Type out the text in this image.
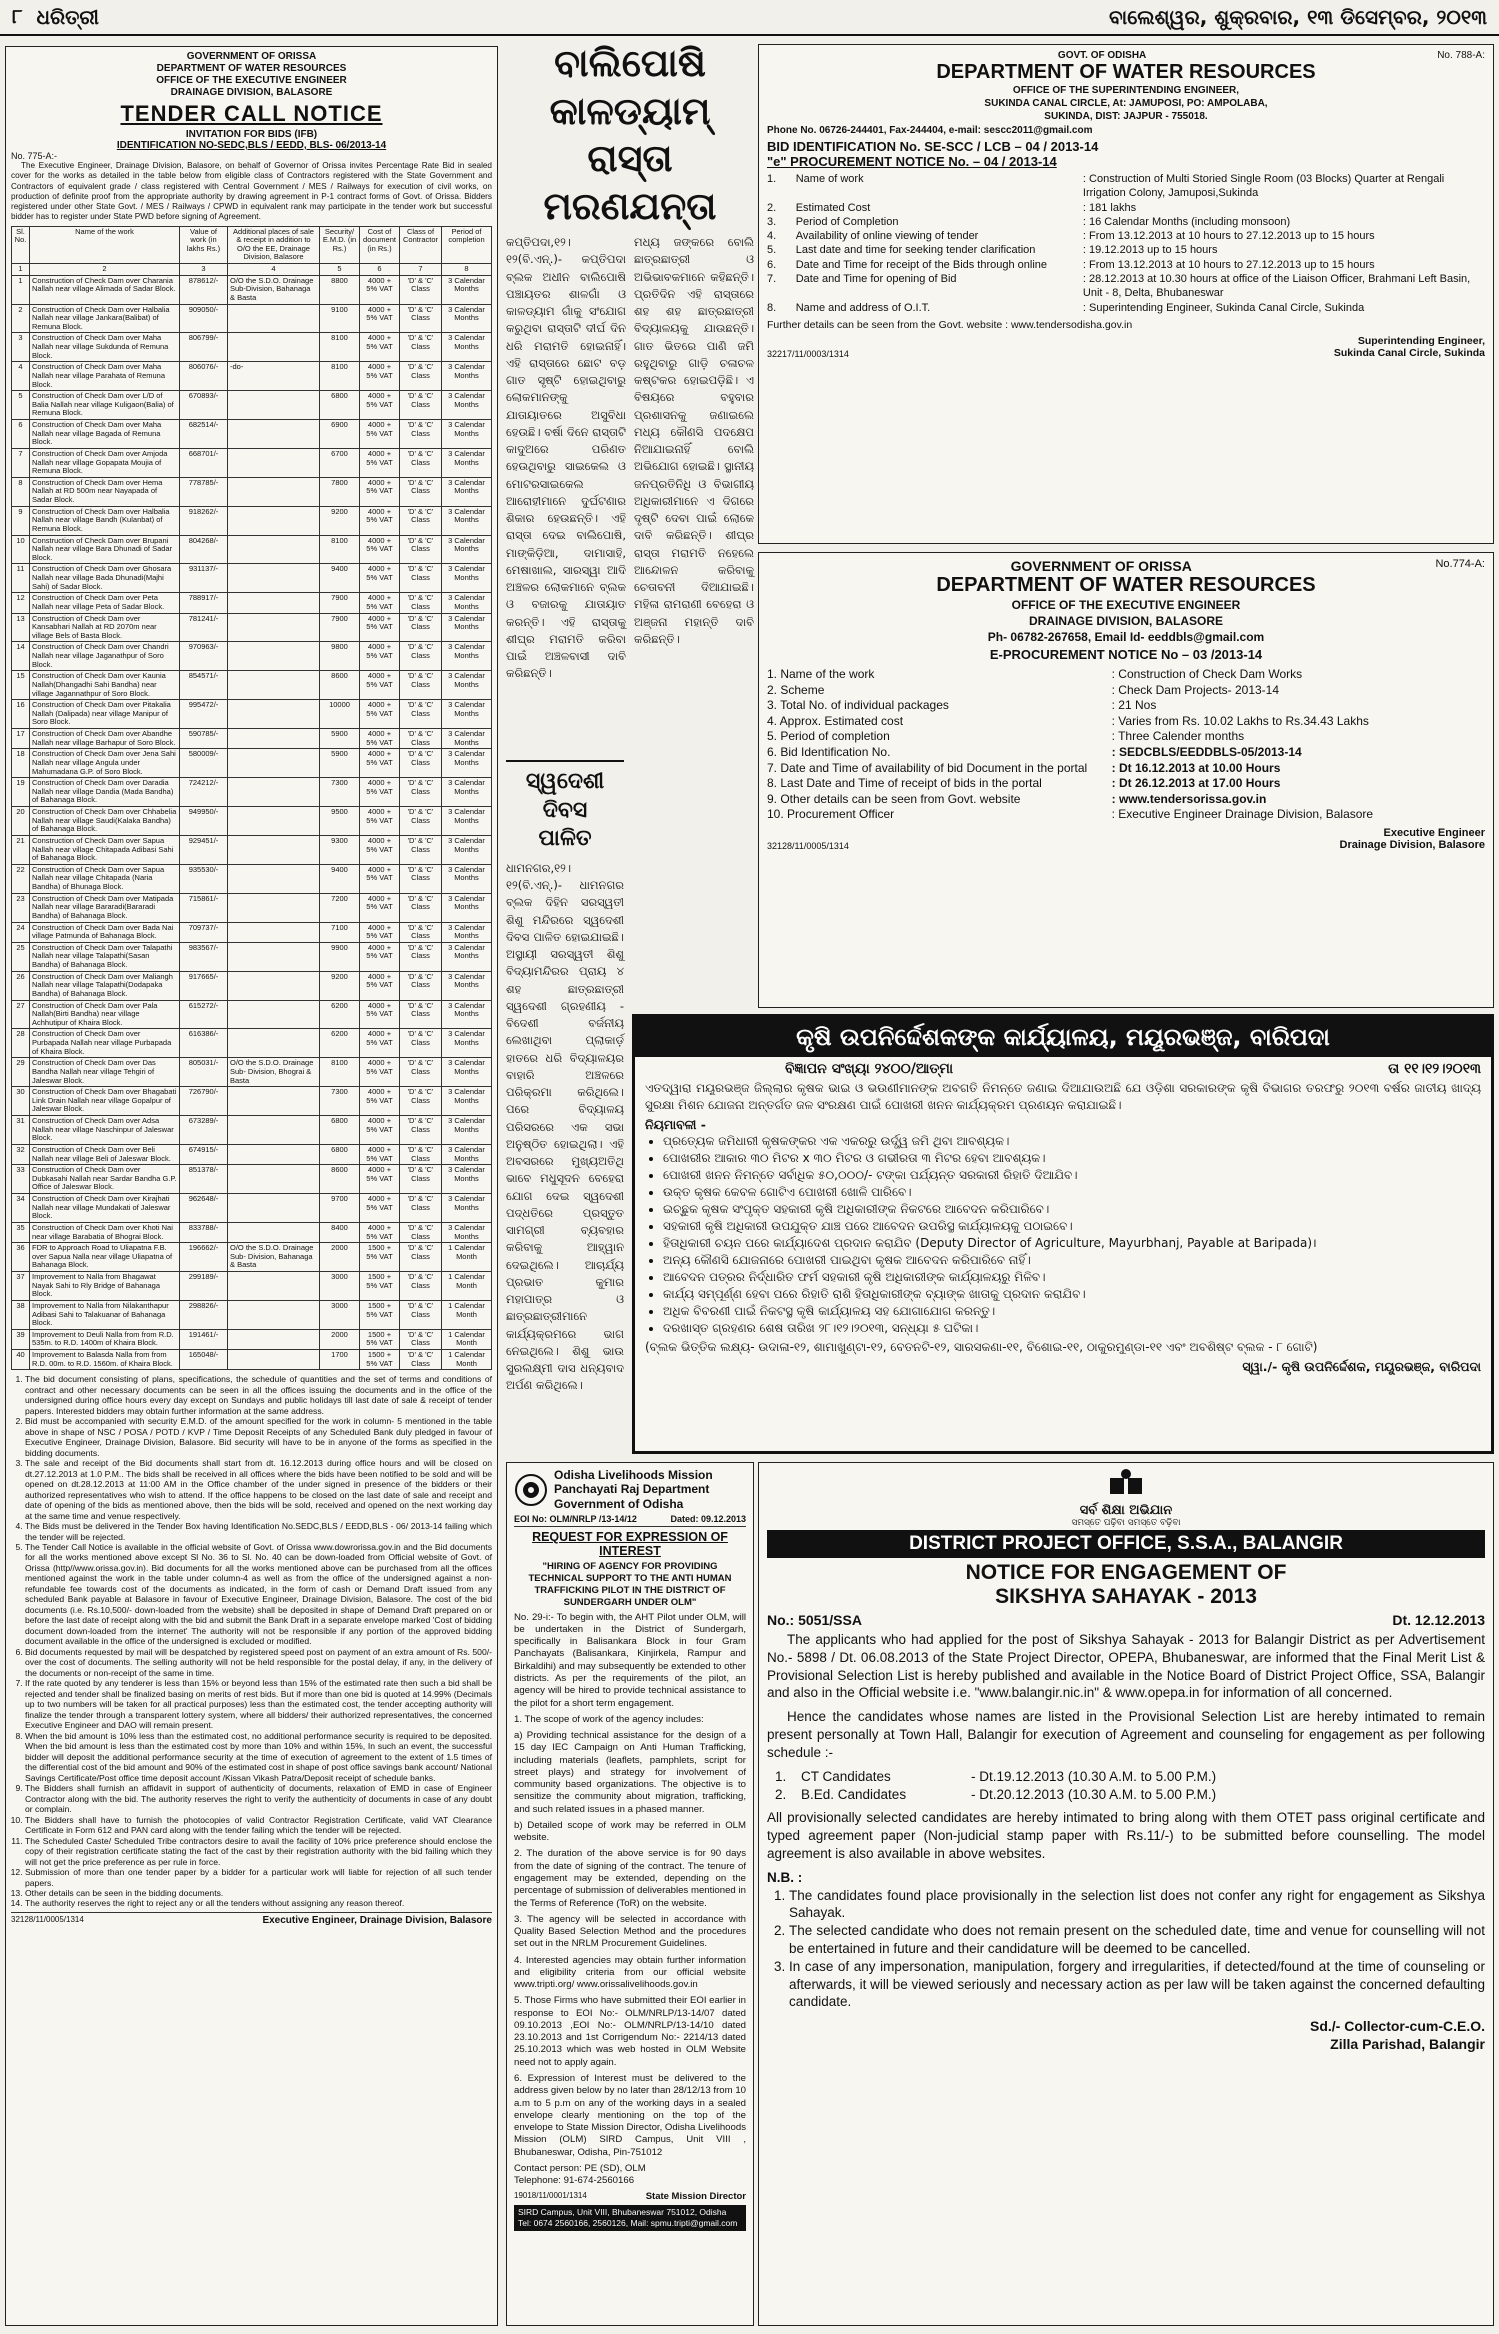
୮ ଧରିତ୍ରୀ	ବାଲେଶ୍ୱର, ଶୁକ୍ରବାର, ୧୩ ଡିସେମ୍ବର, ୨୦୧୩
GOVERNMENT OF ORISSA
DEPARTMENT OF WATER RESOURCES
OFFICE OF THE EXECUTIVE ENGINEER
DRAINAGE DIVISION, BALASORE
TENDER CALL NOTICE
INVITATION FOR BIDS (IFB)
IDENTIFICATION NO-SEDC,BLS / EEDD, BLS- 06/2013-14
No. 775-A:-
The Executive Engineer, Drainage Division, Balasore, on behalf of Governor of Orissa invites Percentage Rate Bid in sealed cover for the works as detailed in the table below from eligible class of Contractors registered with the State Government and Contractors of equivalent grade / class registered with Central Government / MES / Railways for execution of civil works, on production of definite proof from the appropriate authority by drawing agreement in P-1 contract forms of Govt. of Orissa. Bidders registered under other State Govt. / MES / Railways / CPWD in equivalent rank may participate in the tender work but successful bidder has to register under State PWD before signing of Agreement.
Sl. No.	Name of the work	Value of work (in lakhs Rs.)	Additional places of sale & receipt in addition to O/O the EE, Drainage Division, Balasore	Security/ E.M.D. (in Rs.)	Cost of document (in Rs.)	Class of Contractor	Period of completion
1	2	3	4	5	6	7	8
1	Construction of Check Dam over Charania Nallah near village Alimada of Sadar Block.	878612/-	O/O the S.D.O. Drainage Sub-Division, Bahanaga & Basta	8800	4000 + 5% VAT	'D' & 'C' Class	3 Calendar Months
2	Construction of Check Dam over Halbalia Nallah near village Jankara(Balibat) of Remuna Block.	909050/-		9100	4000 + 5% VAT	'D' & 'C' Class	3 Calendar Months
3	Construction of Check Dam over Maha Nallah near village Sukdunda of Remuna Block.	806799/-		8100	4000 + 5% VAT	'D' & 'C' Class	3 Calendar Months
4	Construction of Check Dam over Maha Nallah near village Parahata of Remuna Block.	806076/-	-do-	8100	4000 + 5% VAT	'D' & 'C' Class	3 Calendar Months
5	Construction of Check Dam over L/D of Balia Nallah near village Kuligaon(Balia) of Remuna Block.	670893/-		6800	4000 + 5% VAT	'D' & 'C' Class	3 Calendar Months
6	Construction of Check Dam over Maha Nallah near village Bagada of Remuna Block.	682514/-		6900	4000 + 5% VAT	'D' & 'C' Class	3 Calendar Months
7	Construction of Check Dam over Amjoda Nallah near village Gopapata Moujia of Remuna Block.	668701/-		6700	4000 + 5% VAT	'D' & 'C' Class	3 Calendar Months
8	Construction of Check Dam over Hema Nallah at RD 500m near Nayapada of Sadar Block.	778785/-		7800	4000 + 5% VAT	'D' & 'C' Class	3 Calendar Months
9	Construction of Check Dam over Halbalia Nallah near village Bandh (Kulanbat) of Remuna Block.	918262/-		9200	4000 + 5% VAT	'D' & 'C' Class	3 Calendar Months
10	Construction of Check Dam over Brupani Nallah near village Bara Dhunadi of Sadar Block.	804268/-		8100	4000 + 5% VAT	'D' & 'C' Class	3 Calendar Months
11	Construction of Check Dam over Ghosara Nallah near village Bada Dhunadi(Majhi Sahi) of Sadar Block.	931137/-		9400	4000 + 5% VAT	'D' & 'C' Class	3 Calendar Months
12	Construction of Check Dam over Peta Nallah near village Peta of Sadar Block.	788917/-		7900	4000 + 5% VAT	'D' & 'C' Class	3 Calendar Months
13	Construction of Check Dam over Kansabhari Nallah at RD 2070m near village Bels of Basta Block.	781241/-		7900	4000 + 5% VAT	'D' & 'C' Class	3 Calendar Months
14	Construction of Check Dam over Chandri Nallah near village Jaganathpur of Soro Block.	970963/-		9800	4000 + 5% VAT	'D' & 'C' Class	3 Calendar Months
15	Construction of Check Dam over Kaunia Nallah(Dhangadhi Sahi Bandha) near village Jagannathpur of Soro Block.	854571/-		8600	4000 + 5% VAT	'D' & 'C' Class	3 Calendar Months
16	Construction of Check Dam over Pitakalia Nallah (Dalipada) near village Manipur of Soro Block.	995472/-		10000	4000 + 5% VAT	'D' & 'C' Class	3 Calendar Months
17	Construction of Check Dam over Abandhe Nallah near village Barhapur of Soro Block.	590785/-		5900	4000 + 5% VAT	'D' & 'C' Class	3 Calendar Months
18	Construction of Check Dam over Jena Sahi Nallah near village Angula under Mahumadana G.P. of Soro Block.	580009/-		5900	4000 + 5% VAT	'D' & 'C' Class	3 Calendar Months
19	Construction of Check Dam over Daradia Nallah near village Dandia (Mada Bandha) of Bahanaga Block.	724212/-		7300	4000 + 5% VAT	'D' & 'C' Class	3 Calendar Months
20	Construction of Check Dam over Chhabelia Nallah near village Saudi(Kalaka Bandha) of Bahanaga Block.	949950/-		9500	4000 + 5% VAT	'D' & 'C' Class	3 Calendar Months
21	Construction of Check Dam over Sapua Nallah near village Chitapada Adibasi Sahi of Bahanaga Block.	929451/-		9300	4000 + 5% VAT	'D' & 'C' Class	3 Calendar Months
22	Construction of Check Dam over Sapua Nallah near village Chitapada (Naria Bandha) of Bhunaga Block.	935530/-		9400	4000 + 5% VAT	'D' & 'C' Class	3 Calendar Months
23	Construction of Check Dam over Matipada Nallah near village Bararadi(Bararadi Bandha) of Bahanaga Block.	715861/-		7200	4000 + 5% VAT	'D' & 'C' Class	3 Calendar Months
24	Construction of Check Dam over Bada Nai village Patmunda of Bahanaga Block.	709737/-		7100	4000 + 5% VAT	'D' & 'C' Class	3 Calendar Months
25	Construction of Check Dam over Talapathi Nallah near village Talapathi(Sasan Bandha) of Bahanaga Block.	983567/-		9900	4000 + 5% VAT	'D' & 'C' Class	3 Calendar Months
26	Construction of Check Dam over Maliangh Nallah near village Talapathi(Dodapaka Bandha) of Bahanaga Block.	917665/-		9200	4000 + 5% VAT	'D' & 'C' Class	3 Calendar Months
27	Construction of Check Dam over Pala Nallah(Birti Bandha) near village Achhutipur of Khaira Block.	615272/-		6200	4000 + 5% VAT	'D' & 'C' Class	3 Calendar Months
28	Construction of Check Dam over Purbapada Nallah near village Purbapada of Khaira Block.	616386/-		6200	4000 + 5% VAT	'D' & 'C' Class	3 Calendar Months
29	Construction of Check Dam over Das Bandha Nallah near village Tehgiri of Jaleswar Block.	805031/-	O/O the S.D.O. Drainage Sub- Division, Bhograi & Basta	8100	4000 + 5% VAT	'D' & 'C' Class	3 Calendar Months
30	Construction of Check Dam over Bhagabati Link Drain Nallah near village Gopalpur of Jaleswar Block.	726790/-		7300	4000 + 5% VAT	'D' & 'C' Class	3 Calendar Months
31	Construction of Check Dam over Adsa Nallah near village Naschinpur of Jaleswar Block.	673289/-		6800	4000 + 5% VAT	'D' & 'C' Class	3 Calendar Months
32	Construction of Check Dam over Beli Nallah near village Beli of Jaleswar Block.	674915/-		6800	4000 + 5% VAT	'D' & 'C' Class	3 Calendar Months
33	Construction of Check Dam over Dubkasahi Nallah near Sardar Bandha G.P. Office of Jaleswar Block.	851378/-		8600	4000 + 5% VAT	'D' & 'C' Class	3 Calendar Months
34	Construction of Check Dam over Kirajhati Nallah near village Mundakati of Jaleswar Block.	962648/-		9700	4000 + 5% VAT	'D' & 'C' Class	3 Calendar Months
35	Construction of Check Dam over Khoti Nai near village Barabatia of Bhograi Block.	833788/-		8400	4000 + 5% VAT	'D' & 'C' Class	3 Calendar Months
36	FDR to Approach Road to Uliapatna F.B. over Sapua Nalla near village Uliapatna of Bahanaga Block.	196662/-	O/O the S.D.O. Drainage Sub- Division, Bahanaga & Basta	2000	1500 + 5% VAT	'D' & 'C' Class	1 Calendar Month
37	Improvement to Nalla from Bhagawat Nayak Sahi to Rly Bridge of Bahanaga Block.	299189/-		3000	1500 + 5% VAT	'D' & 'C' Class	1 Calendar Month
38	Improvement to Nalla from Nilakanthapur Adibasi Sahi to Talakuanar of Bahanaga Block.	298826/-		3000	1500 + 5% VAT	'D' & 'C' Class	1 Calendar Month
39	Improvement to Deuli Nalla from from R.D. 535m. to R.D. 1400m of Khaira Block.	191461/-		2000	1500 + 5% VAT	'D' & 'C' Class	1 Calendar Month
40	Improvement to Balasda Nalla from from R.D. 00m. to R.D. 1560m. of Khaira Block.	165048/-		1700	1500 + 5% VAT	'D' & 'C' Class	1 Calendar Month
1. The bid document consisting of plans, specifications, the schedule of quantities and the set of terms and conditions of contract and other necessary documents can be seen in all the offices issuing the documents and in the office of the undersigned during office hours every day except on Sundays and public holidays till last date of sale & receipt of tender papers. Interested bidders may obtain further information at the same address.
2. Bid must be accompanied with security E.M.D. of the amount specified for the work in column- 5 mentioned in the table above in shape of NSC / POSA / POTD / KVP / Time Deposit Receipts of any Scheduled Bank duly pledged in favour of Executive Engineer, Drainage Division, Balasore. Bid security will have to be in anyone of the forms as specified in the bidding documents.
3. The sale and receipt of the Bid documents shall start from dt. 16.12.2013 during office hours and will be closed on dt.27.12.2013 at 1.0 P.M.. The bids shall be received in all offices where the bids have been notified to be sold and will be opened on dt.28.12.2013 at 11:00 AM in the Office chamber of the under signed in presence of the bidders or their authorized representatives who wish to attend. If the office happens to be closed on the last date of sale and receipt and date of opening of the bids as mentioned above, then the bids will be sold, received and opened on the next working day at the same time and venue respectively.
4. The Bids must be delivered in the Tender Box having Identification No.SEDC,BLS / EEDD,BLS - 06/ 2013-14 failing which the tender will be rejected.
5. The Tender Call Notice is available in the official website of Govt. of Orissa www.dowrorissa.gov.in and the Bid documents for all the works mentioned above except Sl No. 36 to Sl. No. 40 can be down-loaded from Official website of Govt. of Orissa (http//www.orissa.gov.in). Bid documents for all the works mentioned above can be purchased from all the offices mentioned against the work in the table under column-4 as well as from the office of the undersigned against a non-refundable fee towards cost of the documents as indicated, in the form of cash or Demand Draft issued from any scheduled Bank payable at Balasore in favour of Executive Engineer, Drainage Division, Balasore. The cost of the bid documents (i.e. Rs.10,500/- down-loaded from the website) shall be deposited in shape of Demand Draft prepared on or before the last date of receipt along with the bid and submit the Bank Draft in a separate envelope marked 'Cost of bidding document down-loaded from the internet' The authority will not be responsible if any portion of the approved bidding document available in the office of the undersigned is excluded or modified.
6. Bid documents requested by mail will be despatched by registered speed post on payment of an extra amount of Rs. 500/- over the cost of documents. The selling authority will not be held responsible for the postal delay, if any, in the delivery of the documents or non-receipt of the same in time.
7. If the rate quoted by any tenderer is less than 15% or beyond less than 15% of the estimated rate then such a bid shall be rejected and tender shall be finalized basing on merits of rest bids. But if more than one bid is quoted at 14.99% (Decimals up to two numbers will be taken for all practical purposes) less than the estimated cost, the tender accepting authority will finalize the tender through a transparent lottery system, where all bidders/ their authorized representatives, the concerned Executive Engineer and DAO will remain present.
8. When the bid amount is 10% less than the estimated cost, no additional performance security is required to be deposited. When the bid amount is less than the estimated cost by more than 10% and within 15%, In such an event, the successful bidder will deposit the additional performance security at the time of execution of agreement to the extent of 1.5 times of the differential cost of the bid amount and 90% of the estimated cost in shape of post office savings bank account/ National Savings Certificate/Post office time deposit account /Kissan Vikash Patra/Deposit receipt of schedule banks.
9. The Bidders shall furnish an affidavit in support of authenticity of documents, relaxation of EMD in case of Engineer Contractor along with the bid. The authority reserves the right to verify the authenticity of documents in case of any doubt or complain.
10. The Bidders shall have to furnish the photocopies of valid Contractor Registration Certificate, valid VAT Clearance Certificate in Form 612 and PAN card along with the tender failing which the tender will be rejected.
11. The Scheduled Caste/ Scheduled Tribe contractors desire to avail the facility of 10% price preference should enclose the copy of their registration certificate stating the fact of the cast by their registration authority with the bid failing which they will not get the price preference as per rule in force.
12. Submission of more than one tender paper by a bidder for a particular work will liable for rejection of all such tender papers.
13. Other details can be seen in the bidding documents.
14. The authority reserves the right to reject any or all the tenders without assigning any reason thereof.
32128/11/0005/1314	Executive Engineer, Drainage Division, Balasore
ବାଲିପୋଷି କାଳଡ୍ୟାମ୍
ରାସ୍ତା ମରଣଯନ୍ତା
କପ୍ତିପଦା,୧୨।୧୨(ବି.ଏନ୍.)- କପ୍ତିପଦା ବ୍ଲକ ଅଧୀନ ବାଲିପୋଷି ପଞ୍ଚାୟତର ଶାଳଗାଁ ଓ କାଳଡ୍ୟାମ ଗାଁକୁ ସଂଯୋଗ କରୁଥିବା ରାସ୍ତାଟି ଦୀର୍ଘ ଦିନ ଧରି ମରାମତି ହୋଇନାହିଁ। ଏହି ରାସ୍ତାରେ ଛୋଟ ବଡ଼ ଗାତ ସୃଷ୍ଟି ହୋଇଥିବାରୁ ଲୋକମାନଙ୍କୁ ଯାତାୟାତରେ ଅସୁବିଧା ହେଉଛି। ବର୍ଷା ଦିନେ ରାସ୍ତାଟି କାଦୁଅରେ ପରିଣତ ହେଉଥିବାରୁ ସାଇକେଲ ଓ ମୋଟରସାଇକେଲ ଆରୋହୀମାନେ ଦୁର୍ଘଟଣାର ଶିକାର ହେଉଛନ୍ତି। ଏହି ରାସ୍ତା ଦେଇ ବାଲିପୋଷି, ମାଙ୍କିଡ଼ିଆ, ଦାମାସାହି, ମେଷାଖାଲ, ସାରସ୍ୱା ଆଦି ଅଞ୍ଚଳର ଲୋକମାନେ ବ୍ଲକ ଓ ବଜାରକୁ ଯାତାୟାତ କରନ୍ତି। ଏହି ରାସ୍ତାକୁ ଶୀଘ୍ର ମରାମତି କରିବା ପାଇଁ ଅଞ୍ଚଳବାସୀ ଦାବି କରିଛନ୍ତି।
ମଧ୍ୟ ଜଙ୍କରେ ବୋଲି ଛାତ୍ରଛାତ୍ରୀ ଓ ଅଭିଭାବକମାନେ କହିଛନ୍ତି। ପ୍ରତିଦିନ ଏହି ରାସ୍ତାରେ ଶହ ଶହ ଛାତ୍ରଛାତ୍ରୀ ବିଦ୍ୟାଳୟକୁ ଯାଉଛନ୍ତି। ଗାତ ଭିତରେ ପାଣି ଜମି ରହୁଥିବାରୁ ଗାଡ଼ି ଚଳାଚଳ କଷ୍ଟକର ହୋଇପଡ଼ିଛି। ଏ ବିଷୟରେ ବହୁବାର ପ୍ରଶାସନକୁ ଜଣାଇଲେ ମଧ୍ୟ କୌଣସି ପଦକ୍ଷେପ ନିଆଯାଇନାହିଁ ବୋଲି ଅଭିଯୋଗ ହୋଇଛି। ସ୍ଥାନୀୟ ଜନପ୍ରତିନିଧି ଓ ବିଭାଗୀୟ ଅଧିକାରୀମାନେ ଏ ଦିଗରେ ଦୃଷ୍ଟି ଦେବା ପାଇଁ ଲୋକେ ଦାବି କରିଛନ୍ତି। ଶୀଘ୍ର ରାସ୍ତା ମରାମତି ନହେଲେ ଆନ୍ଦୋଳନ କରିବାକୁ ଚେତାବନୀ ଦିଆଯାଇଛି। ମହିଳା ରାମରାଣୀ ବେହେରା ଓ ଅଞ୍ଜନା ମହାନ୍ତି ଦାବି କରିଛନ୍ତି।
ସ୍ୱଦେଶୀ ଦିବସ
ପାଳିତ
ଧାମନଗର,୧୨।୧୨(ବି.ଏନ୍.)- ଧାମନଗର ବ୍ଲକ ଦିହିନ ସରସ୍ୱତୀ ଶିଶୁ ମନ୍ଦିରରେ ସ୍ୱଦେଶୀ ଦିବସ ପାଳିତ ହୋଇଯାଇଛି। ଅସ୍ଥାୟୀ ସରସ୍ୱତୀ ଶିଶୁ ବିଦ୍ୟାମନ୍ଦିରର ପ୍ରାୟ ୪ ଶହ ଛାତ୍ରଛାତ୍ରୀ ସ୍ୱଦେଶୀ ଗ୍ରହଣୀୟ - ବିଦେଶୀ ବର୍ଜନୀୟ ଲେଖାଥିବା ପ୍ଲାକାର୍ଡ଼ ହାତରେ ଧରି ବିଦ୍ୟାଳୟର ବାହାରି ଅଞ୍ଚଳରେ ପରିକ୍ରମା କରିଥିଲେ। ପରେ ବିଦ୍ୟାଳୟ ପରିସରରେ ଏକ ସଭା ଅନୁଷ୍ଠିତ ହୋଇଥିଲା। ଏହି ଅବସରରେ ମୁଖ୍ୟଅତିଥି ଭାବେ ମଧୁସୂଦନ ବେହେରା ଯୋଗ ଦେଇ ସ୍ୱଦେଶୀ ପଦ୍ଧତିରେ ପ୍ରସ୍ତୁତ ସାମଗ୍ରୀ ବ୍ୟବହାର କରିବାକୁ ଆହ୍ୱାନ ଦେଇଥିଲେ। ଆଚାର୍ଯ୍ୟ ପ୍ରଭାତ କୁମାର ମହାପାତ୍ର ଓ ଛାତ୍ରଛାତ୍ରୀମାନେ କାର୍ଯ୍ୟକ୍ରମରେ ଭାଗ ନେଇଥିଲେ। ଶିଶୁ ଭାଉ ସୁରଲକ୍ଷ୍ମୀ ଦାସ ଧନ୍ୟବାଦ ଅର୍ପଣ କରିଥିଲେ।
GOVT. OF ODISHA	No. 788-A:
DEPARTMENT OF WATER RESOURCES
OFFICE OF THE SUPERINTENDING ENGINEER,
SUKINDA CANAL CIRCLE, At: JAMUPOSI, PO: AMPOLABA,
SUKINDA, DIST: JAJPUR - 755018.
Phone No. 06726-244401, Fax-244404, e-mail: sescc2011@gmail.com
BID IDENTIFICATION No. SE-SCC / LCB – 04 / 2013-14
"e" PROCUREMENT NOTICE No. – 04 / 2013-14
1.	Name of work	: Construction of Multi Storied Single Room (03 Blocks) Quarter at Rengali Irrigation Colony, Jamuposi,Sukinda
2.	Estimated Cost	: 181 lakhs
3.	Period of Completion	: 16 Calendar Months (including monsoon)
4.	Availability of online viewing of tender	: From 13.12.2013 at 10 hours to 27.12.2013 up to 15 hours
5.	Last date and time for seeking tender clarification	: 19.12.2013 up to 15 hours
6.	Date and Time for receipt of the Bids through online	: From 13.12.2013 at 10 hours to 27.12.2013 up to 15 hours
7.	Date and Time for opening of Bid	: 28.12.2013 at 10.30 hours at office of the Liaison Officer, Brahmani Left Basin, Unit - 8, Delta, Bhubaneswar
8.	Name and address of O.I.T.	: Superintending Engineer, Sukinda Canal Circle, Sukinda
Further details can be seen from the Govt. website : www.tendersodisha.gov.in
32217/11/0003/1314
Superintending Engineer,
Sukinda Canal Circle, Sukinda
GOVERNMENT OF ORISSA	No.774-A:
DEPARTMENT OF WATER RESOURCES
OFFICE OF THE EXECUTIVE ENGINEER
DRAINAGE DIVISION, BALASORE
Ph- 06782-267658, Email Id- eeddbls@gmail.com
E-PROCUREMENT NOTICE No – 03 /2013-14
1. Name of the work	: Construction of Check Dam Works
2. Scheme	: Check Dam Projects- 2013-14
3. Total No. of individual packages	: 21 Nos
4. Approx. Estimated cost	: Varies from Rs. 10.02 Lakhs to Rs.34.43 Lakhs
5. Period of completion	: Three Calender months
6. Bid Identification No.	: SEDCBLS/EEDDBLS-05/2013-14
7. Date and Time of availability of bid Document in the portal	: Dt 16.12.2013 at 10.00 Hours
8. Last Date and Time of receipt of bids in the portal	: Dt 26.12.2013 at 17.00 Hours
9. Other details can be seen from Govt. website	: www.tendersorissa.gov.in
10. Procurement Officer	: Executive Engineer Drainage Division, Balasore
32128/11/0005/1314
Executive Engineer
Drainage Division, Balasore
କୃଷି ଉପନିର୍ଦ୍ଦେଶକଙ୍କ କାର୍ଯ୍ୟାଳୟ, ମୟୂରଭଞ୍ଜ, ବାରିପଦା
ବିଜ୍ଞାପନ ସଂଖ୍ୟା ୨୪୦୦/ଆତ୍ମା	ତା ୧୧।୧୨।୨୦୧୩
ଏତଦ୍ୱାରା ମୟୂରଭଞ୍ଜ ଜିଲ୍ଲାର କୃଷକ ଭାଇ ଓ ଭଉଣୀମାନଙ୍କ ଅବଗତି ନିମନ୍ତେ ଜଣାଇ ଦିଆଯାଉଅଛି ଯେ ଓଡ଼ିଶା ସରକାରଙ୍କ କୃଷି ବିଭାଗର ତରଫରୁ ୨୦୧୩ ବର୍ଷର ଜାତୀୟ ଖାଦ୍ୟ ସୁରକ୍ଷା ମିଶନ ଯୋଜନା ଅନ୍ତର୍ଗତ ଜଳ ସଂରକ୍ଷଣ ପାଇଁ ପୋଖରୀ ଖନନ କାର୍ଯ୍ୟକ୍ରମ ପ୍ରଣୟନ କରାଯାଇଛି।
ନିୟମାବଳୀ -
• ପ୍ରତ୍ୟେକ ଜମିଧାରୀ କୃଷକଙ୍କର ଏକ ଏକରରୁ ଉର୍ଦ୍ଧ୍ୱ ଜମି ଥିବା ଆବଶ୍ୟକ।
• ପୋଖରୀର ଆକାର ୩୦ ମିଟର x ୩୦ ମିଟର ଓ ଗଭୀରତା ୩ ମିଟର ହେବା ଆବଶ୍ୟକ।
• ପୋଖରୀ ଖନନ ନିମନ୍ତେ ସର୍ବାଧିକ ୫୦,୦୦୦/- ଟଙ୍କା ପର୍ଯ୍ୟନ୍ତ ସରକାରୀ ରିହାତି ଦିଆଯିବ।
• ଉକ୍ତ କୃଷକ କେବଳ ଗୋଟିଏ ପୋଖରୀ ଖୋଳି ପାରିବେ।
• ଇଚ୍ଛୁକ କୃଷକ ସଂପୃକ୍ତ ସହକାରୀ କୃଷି ଅଧିକାରୀଙ୍କ ନିକଟରେ ଆବେଦନ କରିପାରିବେ।
• ସହକାରୀ କୃଷି ଅଧିକାରୀ ଉପଯୁକ୍ତ ଯାଞ୍ଚ ପରେ ଆବେଦନ ଉପରିସ୍ଥ କାର୍ଯ୍ୟାଳୟକୁ ପଠାଇବେ।
• ହିତାଧିକାରୀ ଚୟନ ପରେ କାର୍ଯ୍ୟାଦେଶ ପ୍ରଦାନ କରାଯିବ (Deputy Director of Agriculture, Mayurbhanj, Payable at Baripada)।
• ଅନ୍ୟ କୌଣସି ଯୋଜନାରେ ପୋଖରୀ ପାଇଥିବା କୃଷକ ଆବେଦନ କରିପାରିବେ ନାହିଁ।
• ଆବେଦନ ପତ୍ରର ନିର୍ଦ୍ଧାରିତ ଫର୍ମ ସହକାରୀ କୃଷି ଅଧିକାରୀଙ୍କ କାର୍ଯ୍ୟାଳୟରୁ ମିଳିବ।
• କାର୍ଯ୍ୟ ସମ୍ପୂର୍ଣ୍ଣ ହେବା ପରେ ରିହାତି ରାଶି ହିତାଧିକାରୀଙ୍କ ବ୍ୟାଙ୍କ ଖାତାକୁ ପ୍ରଦାନ କରାଯିବ।
• ଅଧିକ ବିବରଣୀ ପାଇଁ ନିକଟସ୍ଥ କୃଷି କାର୍ଯ୍ୟାଳୟ ସହ ଯୋଗାଯୋଗ କରନ୍ତୁ।
• ଦରଖାସ୍ତ ଗ୍ରହଣର ଶେଷ ତାରିଖ ୨୮।୧୨।୨୦୧୩, ସନ୍ଧ୍ୟା ୫ ଘଟିକା।
(ବ୍ଲକ ଭିତ୍ତିକ ଲକ୍ଷ୍ୟ- ଉଦାଳା-୧୨, ଶାମାଖୁଣ୍ଟା-୧୨, ବେତନଟି-୧୨, ସାରସକଣା-୧୧, ବିଶୋଇ-୧୧, ଠାକୁରମୁଣ୍ଡା-୧୧ ଏବଂ ଅବଶିଷ୍ଟ ବ୍ଲକ - ୮ ଗୋଟି)
ସ୍ୱା./- କୃଷି ଉପନିର୍ଦ୍ଦେଶକ, ମୟୂରଭଞ୍ଜ, ବାରିପଦା
Odisha Livelihoods Mission
Panchayati Raj Department
Government of Odisha
EOI No: OLM/NRLP /13-14/12	Dated: 09.12.2013
REQUEST FOR EXPRESSION OF INTEREST
"HIRING OF AGENCY FOR PROVIDING TECHNICAL SUPPORT TO THE ANTI HUMAN TRAFFICKING PILOT IN THE DISTRICT OF SUNDERGARH UNDER OLM"

No. 29-i:- To begin with, the AHT Pilot under OLM, will be undertaken in the District of Sundergarh, specifically in Balisankara Block in four Gram Panchayats (Balisankara, Kinjirkela, Rampur and Birkaldihi) and may subsequently be extended to other districts. As per the requirements of the pilot, an agency will be hired to provide technical assistance to the pilot for a short term engagement.

1. The scope of work of the agency includes:

a) Providing technical assistance for the design of a 15 day IEC Campaign on Anti Human Trafficking, including materials (leaflets, pamphlets, script for street plays) and strategy for involvement of community based organizations. The objective is to sensitize the community about migration, trafficking, and such related issues in a phased manner.

b) Detailed scope of work may be referred in OLM website.

2. The duration of the above service is for 90 days from the date of signing of the contract. The tenure of engagement may be extended, depending on the percentage of submission of deliverables mentioned in the Terms of Reference (ToR) on the website.

3. The agency will be selected in accordance with Quality Based Selection Method and the procedures set out in the NRLM Procurement Guidelines.

4. Interested agencies may obtain further information and eligibility criteria from our official website www.tripti.org/ www.orissalivelihoods.gov.in

5. Those Firms who have submitted their EOI earlier in response to EOI No:- OLM/NRLP/13-14/07 dated 09.10.2013 ,EOI No:- OLM/NRLP/13-14/10 dated 23.10.2013 and 1st Corrigendum No:- 2214/13 dated 25.10.2013 which was web hosted in OLM Website need not to apply again.

6. Expression of Interest must be delivered to the address given below by no later than 28/12/13 from 10 a.m to 5 p.m on any of the working days in a sealed envelope clearly mentioning on the top of the envelope to State Mission Director, Odisha Livelihoods Mission (OLM) SIRD Campus, Unit VIII , Bhubaneswar, Odisha, Pin-751012

Contact person: PE (SD), OLM

Telephone: 91-674-2560166

19018/11/0001/1314	State Mission Director
SIRD Campus, Unit VIII, Bhubaneswar 751012, Odisha
Tel: 0674 2560166, 2560126, Mail: spmu.tripti@gmail.com
ସର୍ବ ଶିକ୍ଷା ଅଭିଯାନ
ସମସ୍ତେ ପଢ଼ିବା ସମସ୍ତେ ବଢ଼ିବା
DISTRICT PROJECT OFFICE, S.S.A., BALANGIR
NOTICE FOR ENGAGEMENT OF
SIKSHYA SAHAYAK - 2013
No.: 5051/SSA	Dt. 12.12.2013

The applicants who had applied for the post of Sikshya Sahayak - 2013 for Balangir District as per Advertisement No.- 5898 / Dt. 06.08.2013 of the State Project Director, OPEPA, Bhubaneswar, are informed that the Final Merit List & Provisional Selection List is hereby published and available in the Notice Board of District Project Office, SSA, Balangir and also in the Official website i.e. "www.balangir.nic.in" & www.opepa.in for information of all concerned.

Hence the candidates whose names are listed in the Provisional Selection List are hereby intimated to remain present personally at Town Hall, Balangir for execution of Agreement and counseling for engagement as per following schedule :-

1.	CT Candidates	- Dt.19.12.2013 (10.30 A.M. to 5.00 P.M.)
2.	B.Ed. Candidates	- Dt.20.12.2013 (10.30 A.M. to 5.00 P.M.)

All provisionally selected candidates are hereby intimated to bring along with them OTET pass original certificate and typed agreement paper (Non-judicial stamp paper with Rs.11/-) to be submitted before counselling. The model agreement is also available in above websites.

N.B. :
1. The candidates found place provisionally in the selection list does not confer any right for engagement as Sikshya Sahayak.
2. The selected candidate who does not remain present on the scheduled date, time and venue for counselling will not be entertained in future and their candidature will be deemed to be cancelled.
3. In case of any impersonation, manipulation, forgery and irregularities, if detected/found at the time of counseling or afterwards, it will be viewed seriously and necessary action as per law will be taken against the concerned defaulting candidate.
Sd./- Collector-cum-C.E.O.
Zilla Parishad, Balangir
